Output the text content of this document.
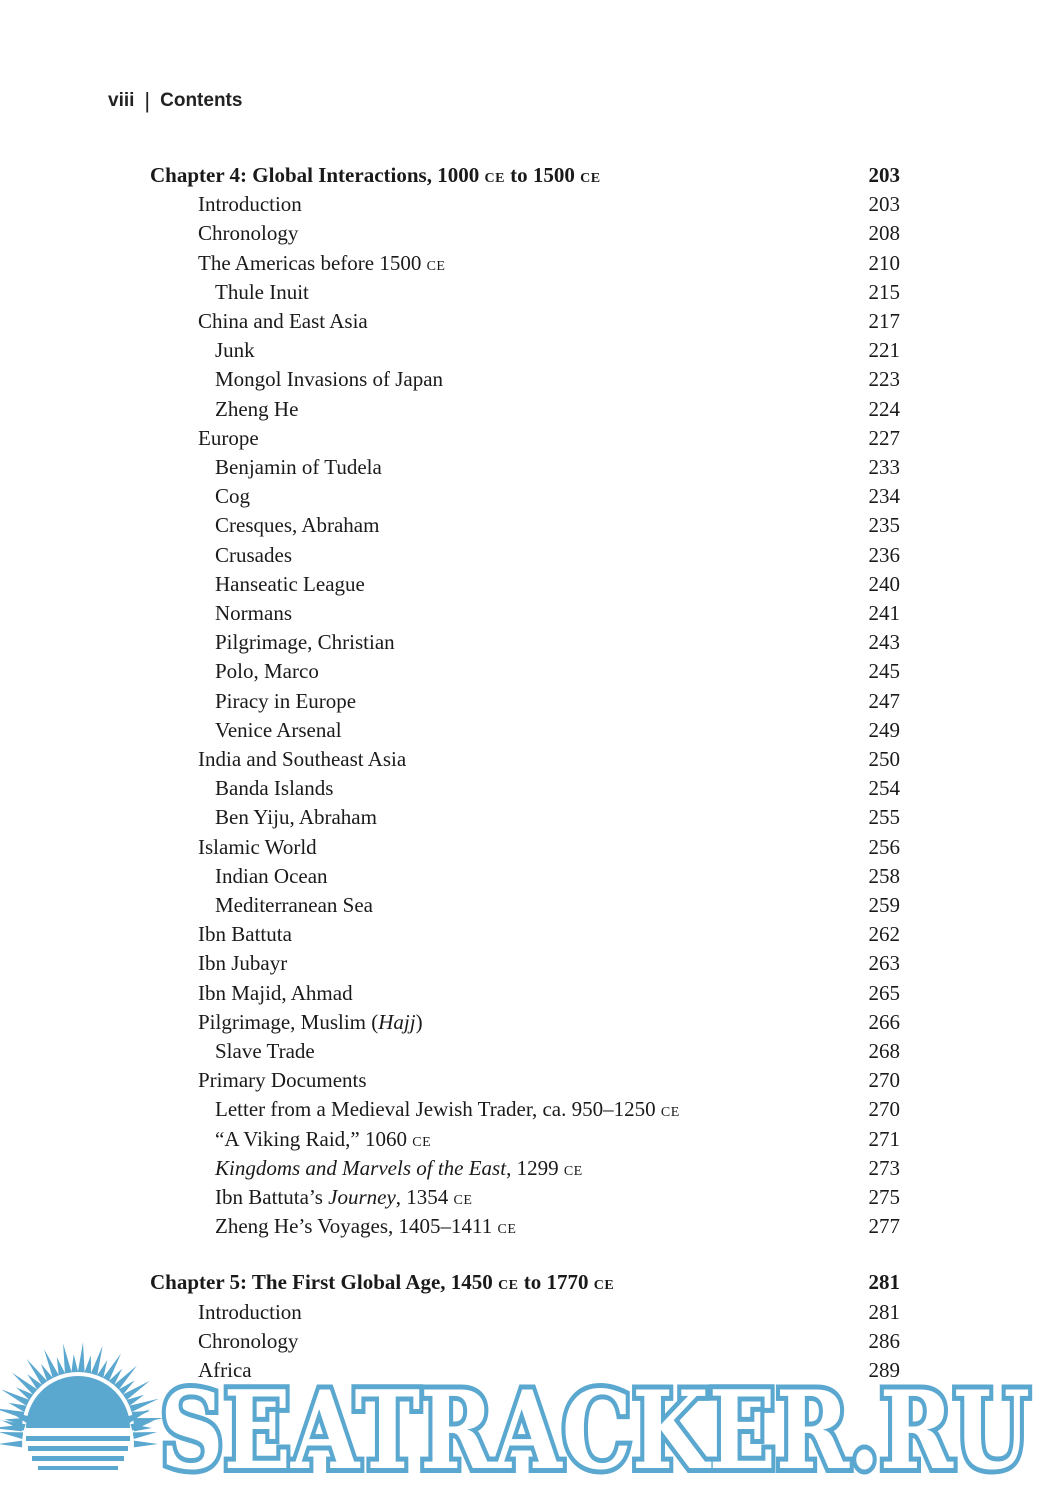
viii | Contents
Chapter 4: Global Interactions, 1000 CE to 1500 CE	203
Introduction	203
Chronology	208
The Americas before 1500 CE	210
Thule Inuit	215
China and East Asia	217
Junk	221
Mongol Invasions of Japan	223
Zheng He	224
Europe	227
Benjamin of Tudela	233
Cog	234
Cresques, Abraham	235
Crusades	236
Hanseatic League	240
Normans	241
Pilgrimage, Christian	243
Polo, Marco	245
Piracy in Europe	247
Venice Arsenal	249
India and Southeast Asia	250
Banda Islands	254
Ben Yiju, Abraham	255
Islamic World	256
Indian Ocean	258
Mediterranean Sea	259
Ibn Battuta	262
Ibn Jubayr	263
Ibn Majid, Ahmad	265
Pilgrimage, Muslim (Hajj)	266
Slave Trade	268
Primary Documents	270
Letter from a Medieval Jewish Trader, ca. 950–1250 CE	270
“A Viking Raid,” 1060 CE	271
Kingdoms and Marvels of the East, 1299 CE	273
Ibn Battuta’s Journey, 1354 CE	275
Zheng He’s Voyages, 1405–1411 CE	277
Chapter 5: The First Global Age, 1450 CE to 1770 CE	281
Introduction	281
Chronology	286
Africa	289
SEATRACKER.RU
